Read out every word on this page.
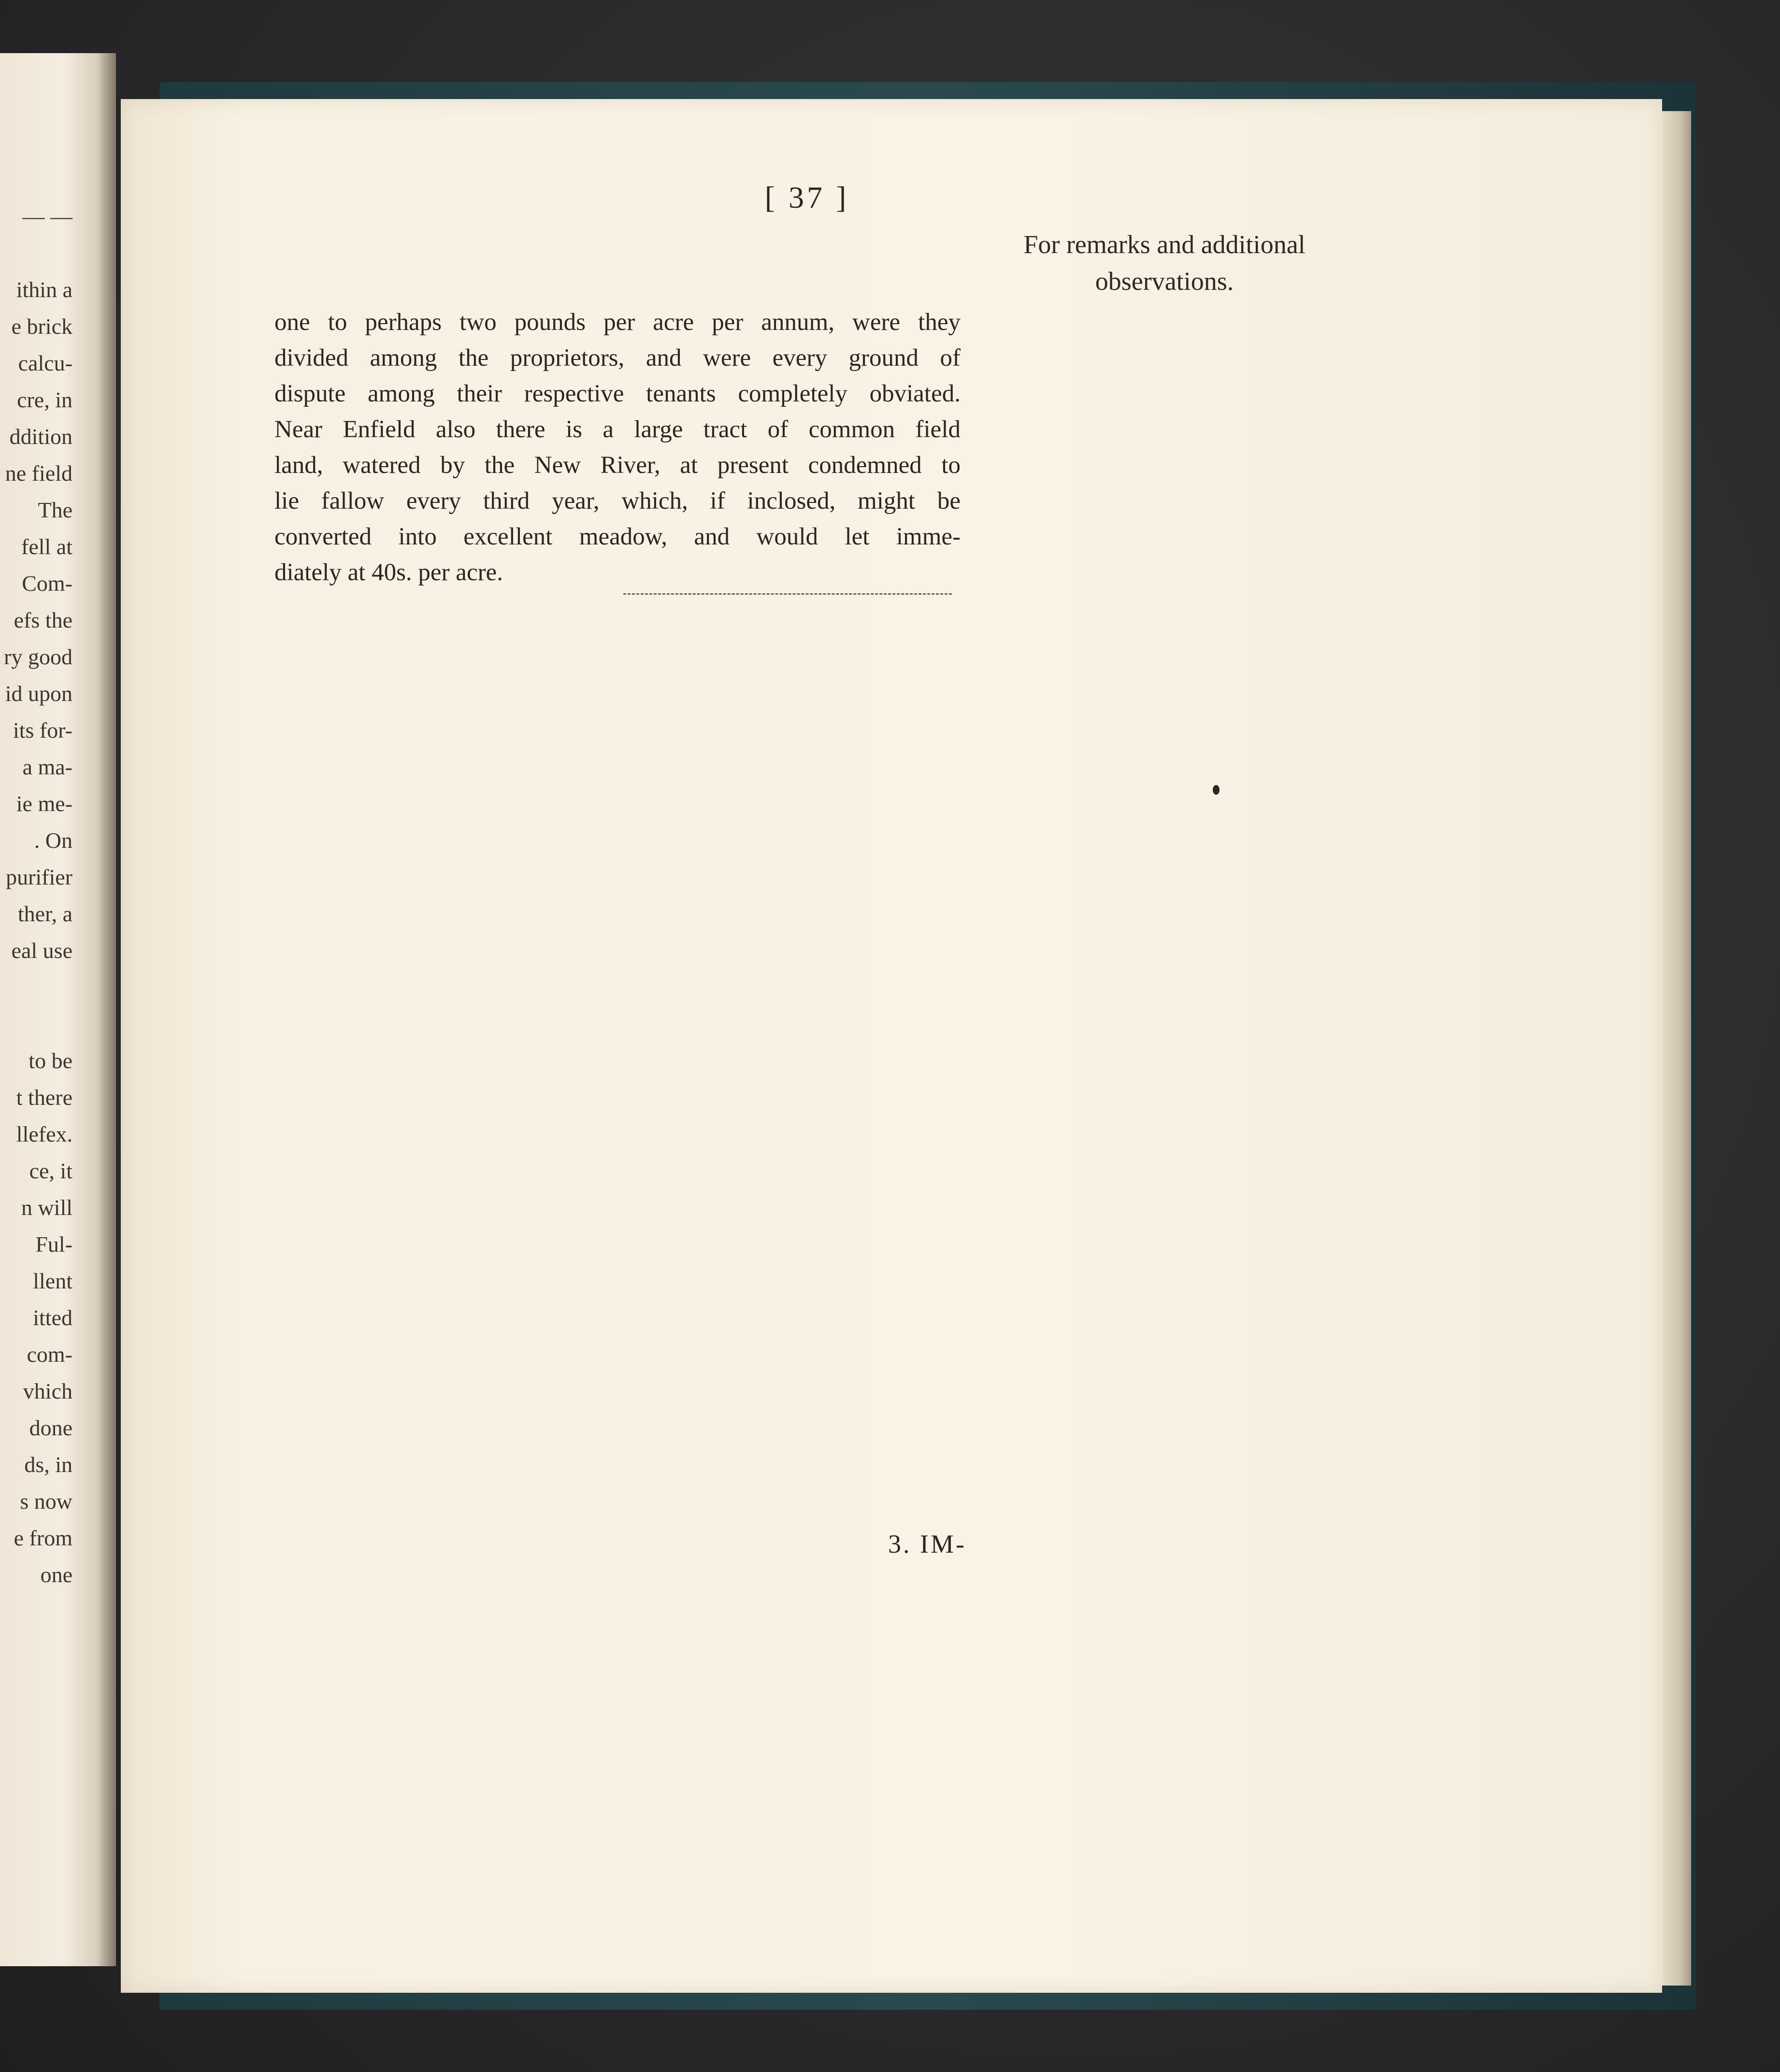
— —
ithin a
e brick
calcu-
cre, in
ddition
ne field
The
fell at
Com-
efs the
ry good
id upon
its for-
a ma-
ie me-
. On
purifier
ther, a
eal use
to be
t there
llefex.
ce, it
n will
Ful-
llent
itted
com-
vhich
done
ds, in
s now
e from
one
[ 37 ]
For remarks and additional
observations.
one to perhaps two pounds per acre per annum, were they
divided among the proprietors, and were every ground of
dispute among their respective tenants completely obviated.
Near Enfield also there is a large tract of common field
land, watered by the New River, at present condemned to
lie fallow every third year, which, if inclosed, might be
converted into excellent meadow, and would let imme-
diately at 40s. per acre.
3. IM-
